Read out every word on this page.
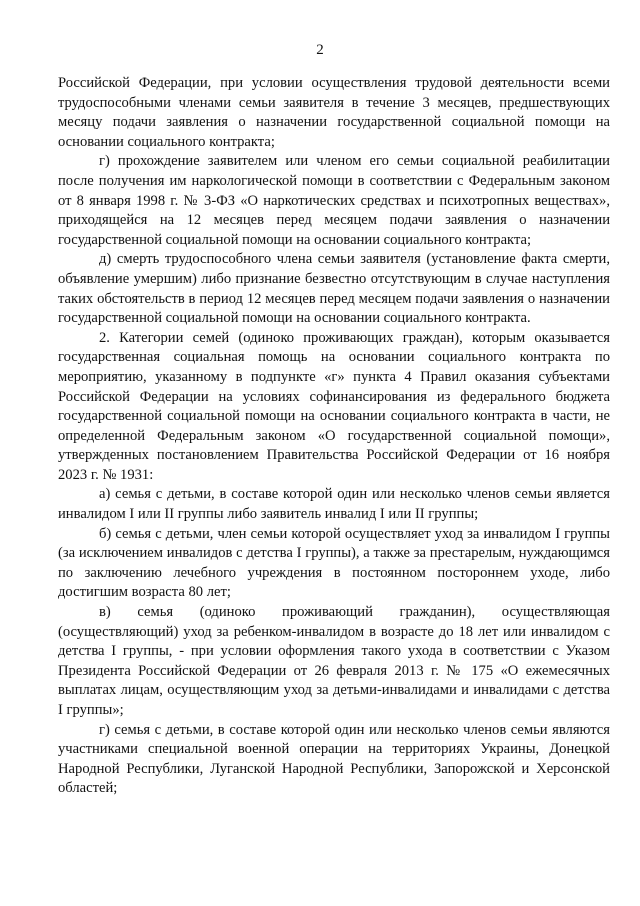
2

Российской Федерации, при условии осуществления трудовой деятельности всеми трудоспособными членами семьи заявителя в течение 3 месяцев, предшествующих месяцу подачи заявления о назначении государственной социальной помощи на основании социального контракта;

г) прохождение заявителем или членом его семьи социальной реабилитации после получения им наркологической помощи в соответствии с Федеральным законом от 8 января 1998 г. № 3-ФЗ «О наркотических средствах и психотропных веществах», приходящейся на 12 месяцев перед месяцем подачи заявления о назначении государственной социальной помощи на основании социального контракта;

д) смерть трудоспособного члена семьи заявителя (установление факта смерти, объявление умершим) либо признание безвестно отсутствующим в случае наступления таких обстоятельств в период 12 месяцев перед месяцем подачи заявления о назначении государственной социальной помощи на основании социального контракта.

2. Категории семей (одиноко проживающих граждан), которым оказывается государственная социальная помощь на основании социального контракта по мероприятию, указанному в подпункте «г» пункта 4 Правил оказания субъектами Российской Федерации на условиях софинансирования из федерального бюджета государственной социальной помощи на основании социального контракта в части, не определенной Федеральным законом «О государственной социальной помощи», утвержденных постановлением Правительства Российской Федерации от 16 ноября 2023 г. № 1931:

а) семья с детьми, в составе которой один или несколько членов семьи является инвалидом I или II группы либо заявитель инвалид I или II группы;

б) семья с детьми, член семьи которой осуществляет уход за инвалидом I группы (за исключением инвалидов с детства I группы), а также за престарелым, нуждающимся по заключению лечебного учреждения в постоянном постороннем уходе, либо достигшим возраста 80 лет;

в) семья (одиноко проживающий гражданин), осуществляющая (осуществляющий) уход за ребенком-инвалидом в возрасте до 18 лет или инвалидом с детства I группы, - при условии оформления такого ухода в соответствии с Указом Президента Российской Федерации от 26 февраля 2013 г. № 175 «О ежемесячных выплатах лицам, осуществляющим уход за детьми-инвалидами и инвалидами с детства I группы»;

г) семья с детьми, в составе которой один или несколько членов семьи являются участниками специальной военной операции на территориях Украины, Донецкой Народной Республики, Луганской Народной Республики, Запорожской и Херсонской областей;
